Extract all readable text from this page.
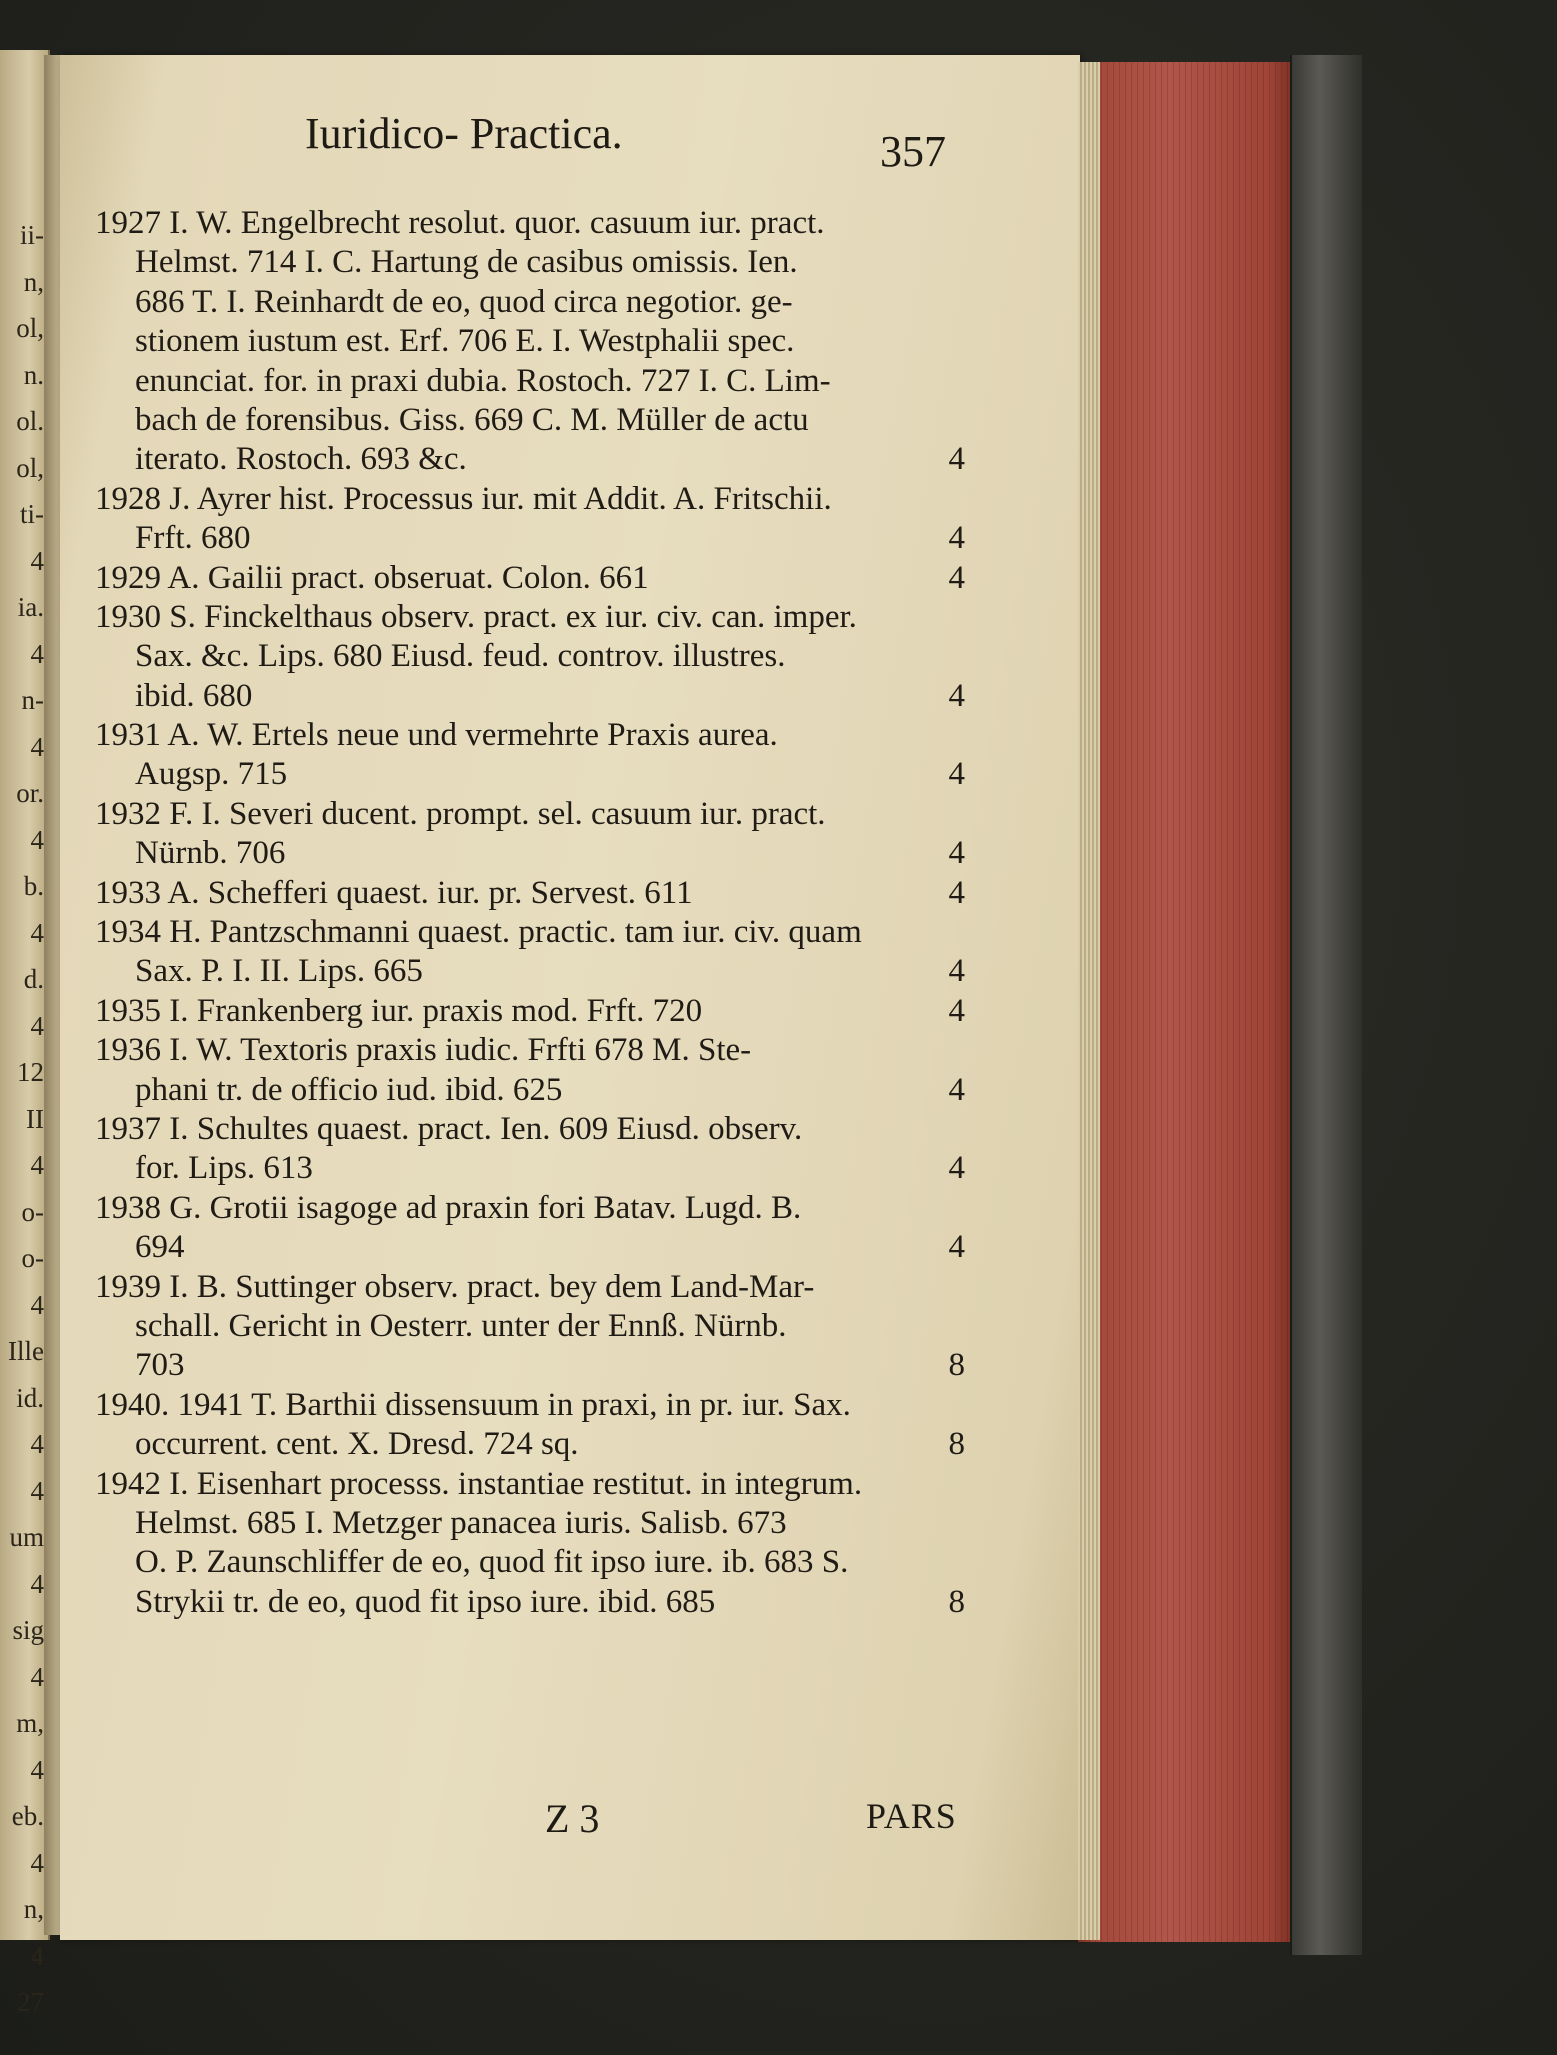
ii-
n,
ol,
n.
ol.
ol,
ti-
4
ia.
4
n-
4
or.
4
b.
4
d.
4
12
II
4
o-
o-
4
Ille
id.
4
4
um
4
sig
4
m,
4
eb.
4
n,
4
27
Iuridico- Practica.	357
1927 I. W. Engelbrecht resolut. quor. casuum iur. pract.
Helmst. 714 I. C. Hartung de casibus omissis. Ien.
686 T. I. Reinhardt de eo, quod circa negotior. ge-
stionem iustum est. Erf. 706 E. I. Westphalii spec.
enunciat. for. in praxi dubia. Rostoch. 727 I. C. Lim-
bach de forensibus. Giss. 669 C. M. Müller de actu
iterato. Rostoch. 693 &c.	4
1928 J. Ayrer hist. Processus iur. mit Addit. A. Fritschii.
Frft. 680	4
1929 A. Gailii pract. obseruat. Colon. 661	4
1930 S. Finckelthaus observ. pract. ex iur. civ. can. imper.
Sax. &c. Lips. 680 Eiusd. feud. controv. illustres.
ibid. 680	4
1931 A. W. Ertels neue und vermehrte Praxis aurea.
Augsp. 715	4
1932 F. I. Severi ducent. prompt. sel. casuum iur. pract.
Nürnb. 706	4
1933 A. Schefferi quaest. iur. pr. Servest. 611	4
1934 H. Pantzschmanni quaest. practic. tam iur. civ. quam
Sax. P. I. II. Lips. 665	4
1935 I. Frankenberg iur. praxis mod. Frft. 720	4
1936 I. W. Textoris praxis iudic. Frfti 678 M. Ste-
phani tr. de officio iud. ibid. 625	4
1937 I. Schultes quaest. pract. Ien. 609 Eiusd. observ.
for. Lips. 613	4
1938 G. Grotii isagoge ad praxin fori Batav. Lugd. B.
694	4
1939 I. B. Suttinger observ. pract. bey dem Land-Mar-
schall. Gericht in Oesterr. unter der Ennß. Nürnb.
703	8
1940. 1941 T. Barthii dissensuum in praxi, in pr. iur. Sax.
occurrent. cent. X. Dresd. 724 sq.	8
1942 I. Eisenhart processs. instantiae restitut. in integrum.
Helmst. 685 I. Metzger panacea iuris. Salisb. 673
O. P. Zaunschliffer de eo, quod fit ipso iure. ib. 683 S.
Strykii tr. de eo, quod fit ipso iure. ibid. 685	8
Z 3	PARS
